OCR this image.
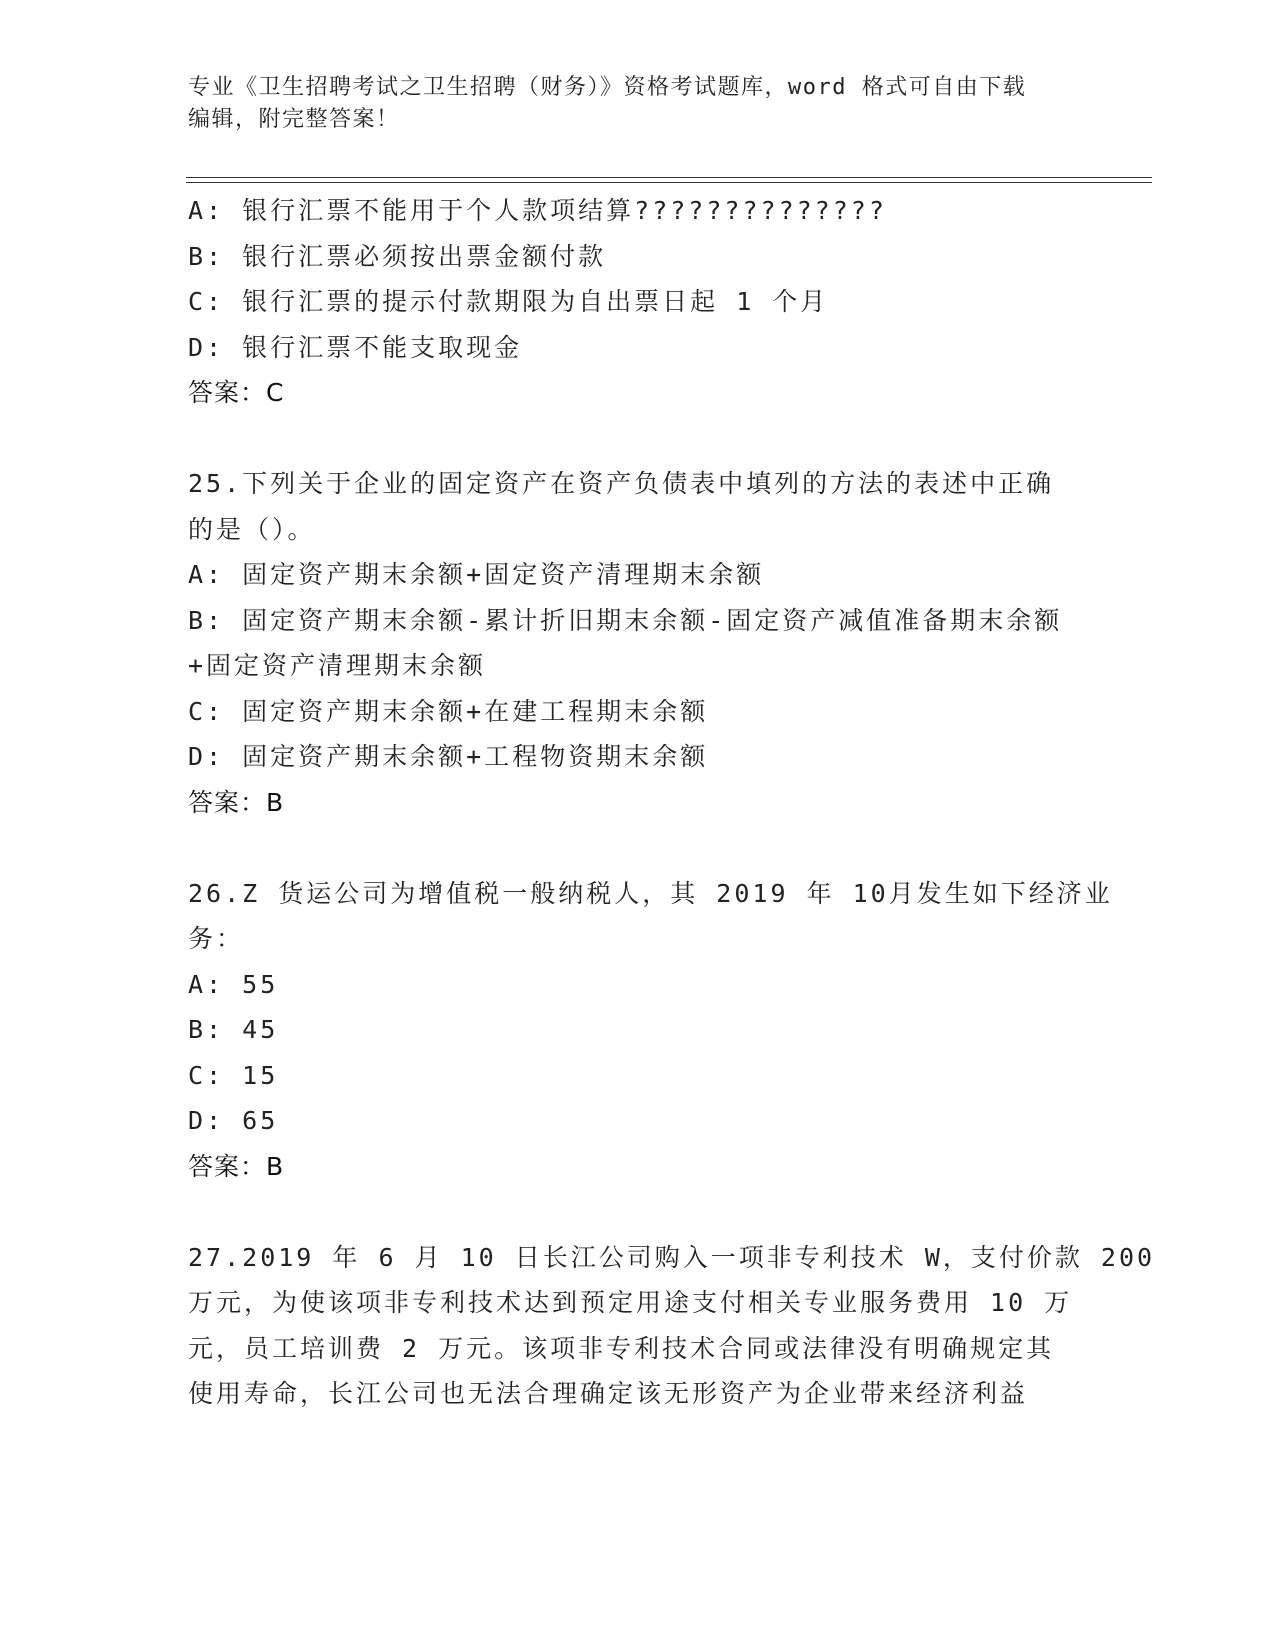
专业《卫生招聘考试之卫生招聘（财务）》资格考试题库，word 格式可自由下载
编辑，附完整答案！
A: 银行汇票不能用于个人款项结算??????????????
B: 银行汇票必须按出票金额付款
C: 银行汇票的提示付款期限为自出票日起 1 个月
D: 银行汇票不能支取现金
答案：C
25.下列关于企业的固定资产在资产负债表中填列的方法的表述中正确
的是（）。
A: 固定资产期末余额+固定资产清理期末余额
B: 固定资产期末余额-累计折旧期末余额-固定资产减值准备期末余额
+固定资产清理期末余额
C: 固定资产期末余额+在建工程期末余额
D: 固定资产期末余额+工程物资期末余额
答案：B
26.Z 货运公司为增值税一般纳税人，其 2019 年 10月发生如下经济业
务：
A: 55
B: 45
C: 15
D: 65
答案：B
27.2019 年 6 月 10 日长江公司购入一项非专利技术 W，支付价款 200
万元，为使该项非专利技术达到预定用途支付相关专业服务费用 10 万
元，员工培训费 2 万元。该项非专利技术合同或法律没有明确规定其
使用寿命，长江公司也无法合理确定该无形资产为企业带来经济利益
